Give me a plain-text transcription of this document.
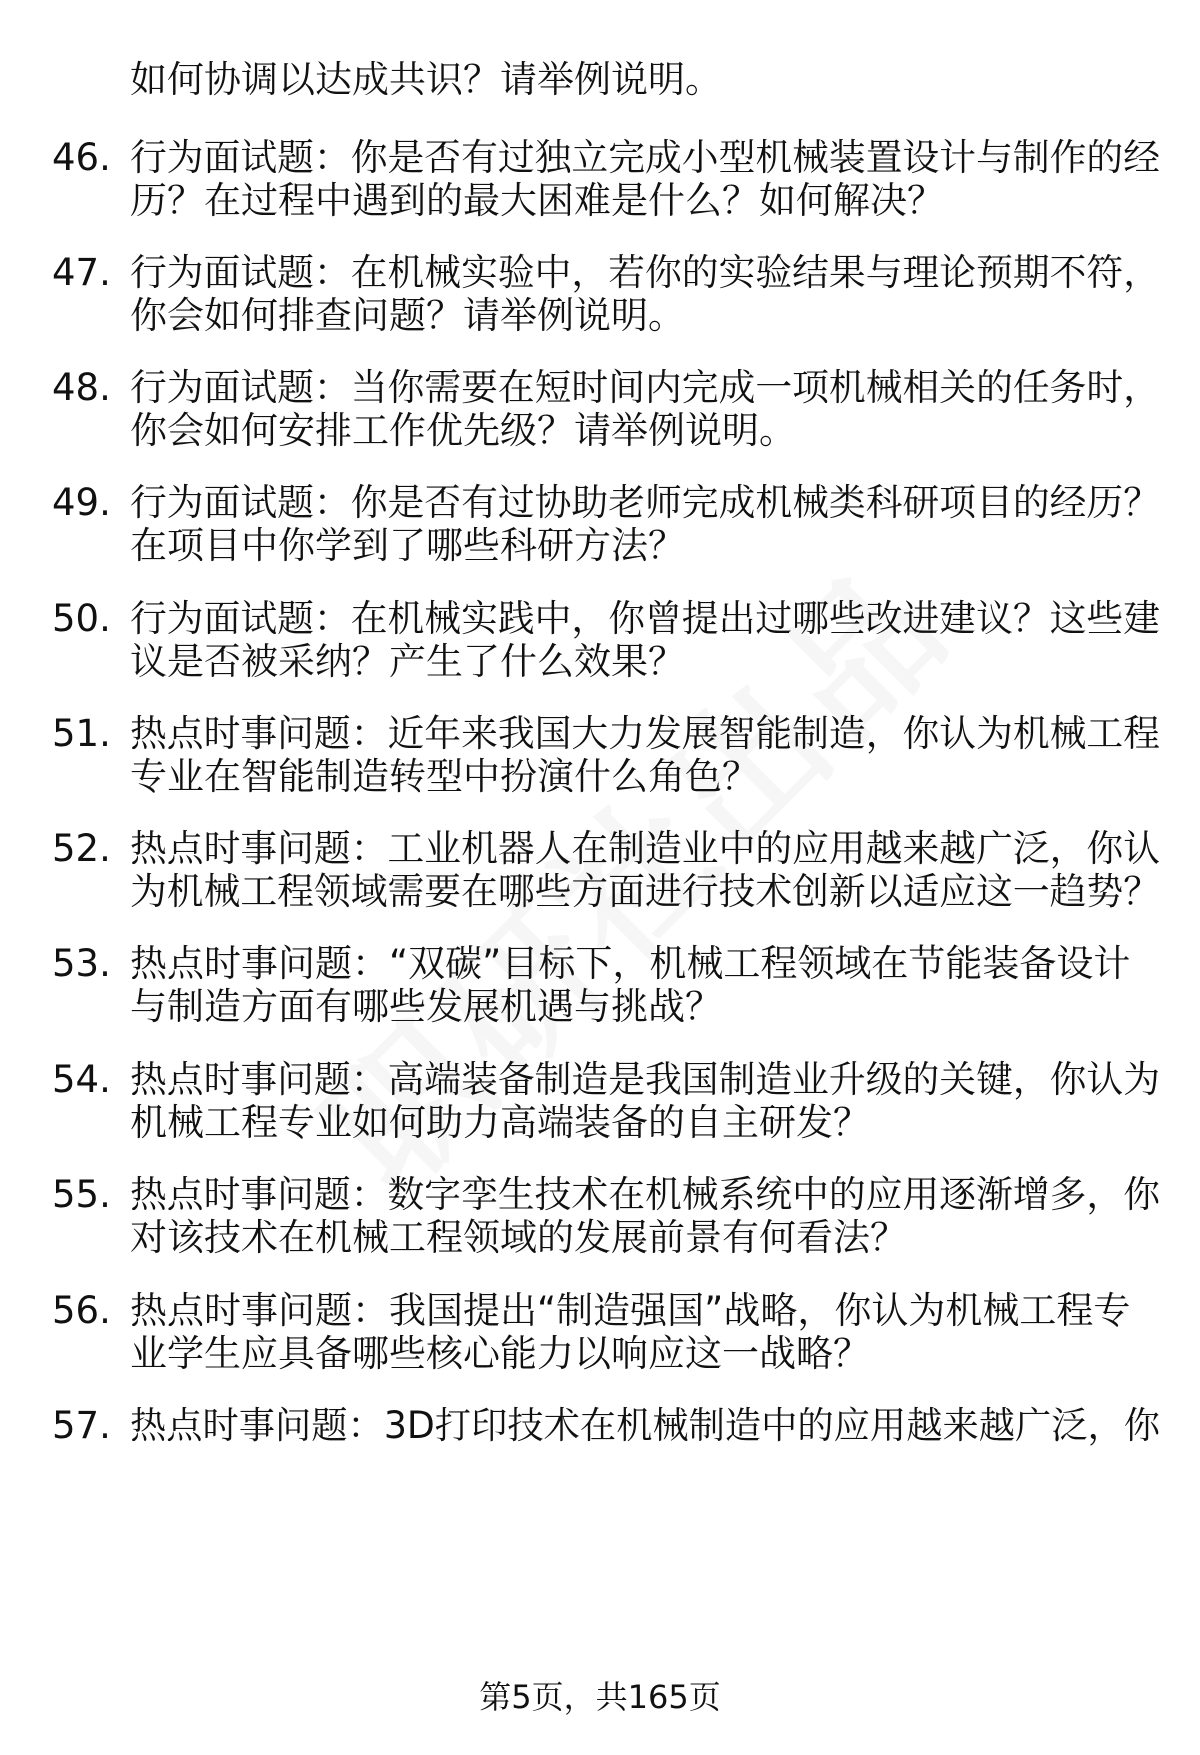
如何协调以达成共识？请举例说明。
46. 行为面试题：你是否有过独立完成小型机械装置设计与制作的经
历？在过程中遇到的最大困难是什么？如何解决？
47. 行为面试题：在机械实验中，若你的实验结果与理论预期不符，
你会如何排查问题？请举例说明。
48. 行为面试题：当你需要在短时间内完成一项机械相关的任务时，
你会如何安排工作优先级？请举例说明。
49. 行为面试题：你是否有过协助老师完成机械类科研项目的经历？
在项目中你学到了哪些科研方法？
50. 行为面试题：在机械实践中，你曾提出过哪些改进建议？这些建
议是否被采纳？产生了什么效果？
51. 热点时事问题：近年来我国大力发展智能制造，你认为机械工程
专业在智能制造转型中扮演什么角色？
52. 热点时事问题：工业机器人在制造业中的应用越来越广泛，你认
为机械工程领域需要在哪些方面进行技术创新以适应这一趋势？
53. 热点时事问题：“双碳”目标下，机械工程领域在节能装备设计
与制造方面有哪些发展机遇与挑战？
54. 热点时事问题：高端装备制造是我国制造业升级的关键，你认为
机械工程专业如何助力高端装备的自主研发？
55. 热点时事问题：数字孪生技术在机械系统中的应用逐渐增多，你
对该技术在机械工程领域的发展前景有何看法？
56. 热点时事问题：我国提出“制造强国”战略，你认为机械工程专
业学生应具备哪些核心能力以响应这一战略？
57. 热点时事问题：3D打印技术在机械制造中的应用越来越广泛，你
第5页，共165页
